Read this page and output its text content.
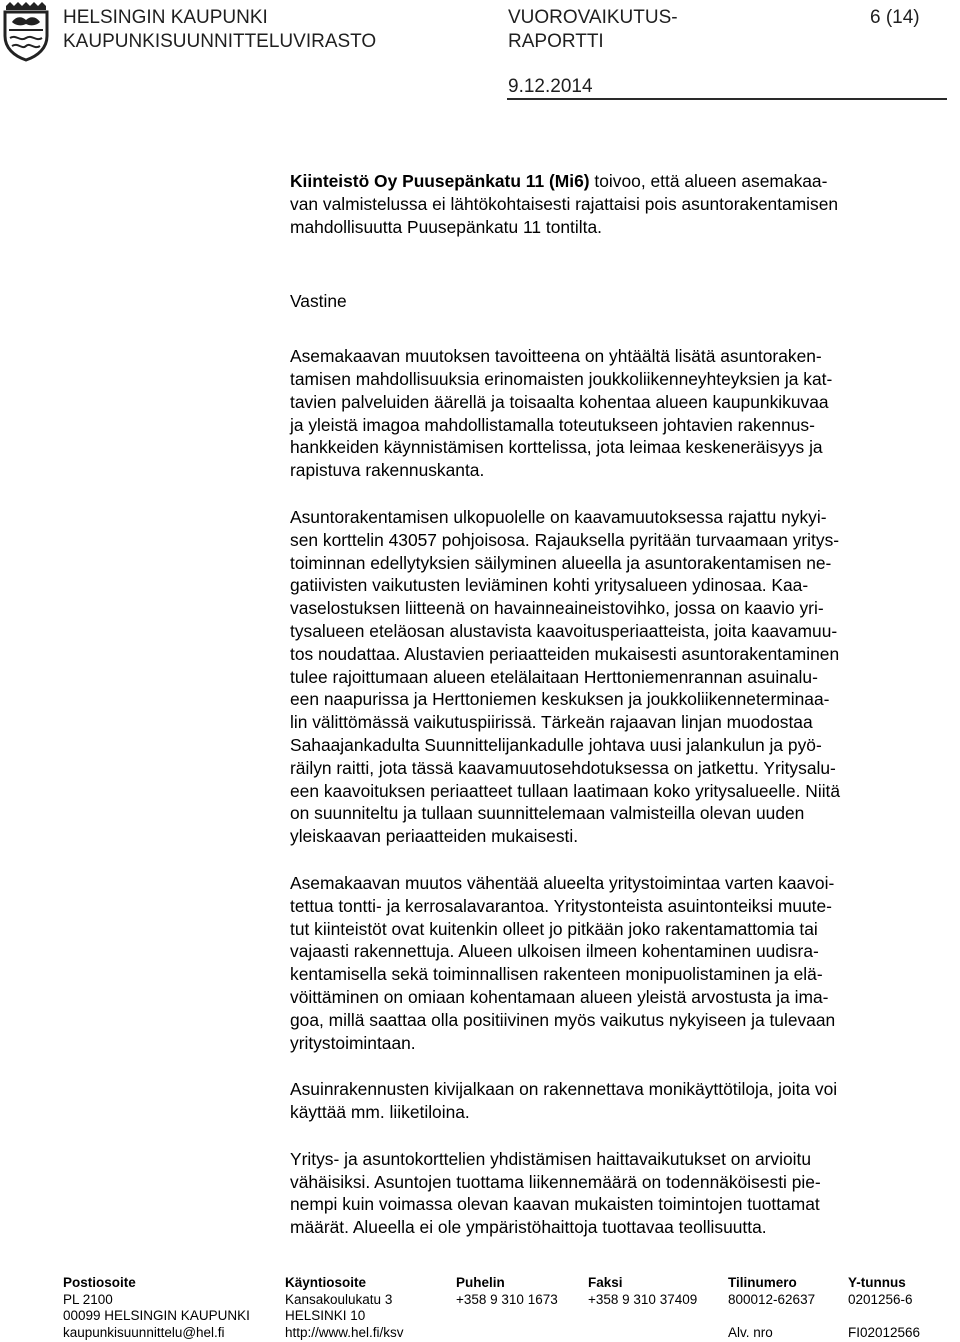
HELSINGIN KAUPUNKI
KAUPUNKISUUNNITTELUVIRASTO
VUOROVAIKUTUS-
RAPORTTI
6 (14)
9.12.2014

Kiinteistö Oy Puusepänkatu 11 (Mi6) toivoo, että alueen asemakaa-

van valmistelussa ei lähtökohtaisesti rajattaisi pois asuntorakentamisen

mahdollisuutta Puusepänkatu 11 tontilta.

Vastine

Asemakaavan muutoksen tavoitteena on yhtäältä lisätä asuntoraken-

tamisen mahdollisuuksia erinomaisten joukkoliikenneyhteyksien ja kat-

tavien palveluiden äärellä ja toisaalta kohentaa alueen kaupunkikuvaa

ja yleistä imagoa mahdollistamalla toteutukseen johtavien rakennus-

hankkeiden käynnistämisen korttelissa, jota leimaa keskeneräisyys ja

rapistuva rakennuskanta.

Asuntorakentamisen ulkopuolelle on kaavamuutoksessa rajattu nykyi-

sen korttelin 43057 pohjoisosa. Rajauksella pyritään turvaamaan yritys-

toiminnan edellytyksien säilyminen alueella ja asuntorakentamisen ne-

gatiivisten vaikutusten leviäminen kohti yritysalueen ydinosaa. Kaa-

vaselostuksen liitteenä on havainneaineistovihko, jossa on kaavio yri-

tysalueen eteläosan alustavista kaavoitusperiaatteista, joita kaavamuu-

tos noudattaa. Alustavien periaatteiden mukaisesti asuntorakentaminen

tulee rajoittumaan alueen etelälaitaan Herttoniemenrannan asuinalu-

een naapurissa ja Herttoniemen keskuksen ja joukkoliikenneterminaa-

lin välittömässä vaikutuspiirissä. Tärkeän rajaavan linjan muodostaa

Sahaajankadulta Suunnittelijankadulle johtava uusi jalankulun ja pyö-

räilyn raitti, jota tässä kaavamuutosehdotuksessa on jatkettu. Yritysalu-

een kaavoituksen periaatteet tullaan laatimaan koko yritysalueelle. Niitä

on suunniteltu ja tullaan suunnittelemaan valmisteilla olevan uuden

yleiskaavan periaatteiden mukaisesti.

Asemakaavan muutos vähentää alueelta yritystoimintaa varten kaavoi-

tettua tontti- ja kerrosalavarantoa. Yritystonteista asuintonteiksi muute-

tut kiinteistöt ovat kuitenkin olleet jo pitkään joko rakentamattomia tai

vajaasti rakennettuja. Alueen ulkoisen ilmeen kohentaminen uudisra-

kentamisella sekä toiminnallisen rakenteen monipuolistaminen ja elä-

vöittäminen on omiaan kohentamaan alueen yleistä arvostusta ja ima-

goa, millä saattaa olla positiivinen myös vaikutus nykyiseen ja tulevaan

yritystoimintaan.

Asuinrakennusten kivijalkaan on rakennettava monikäyttötiloja, joita voi

käyttää mm. liiketiloina.

Yritys- ja asuntokorttelien yhdistämisen haittavaikutukset on arvioitu

vähäisiksi. Asuntojen tuottama liikennemäärä on todennäköisesti pie-

nempi kuin voimassa olevan kaavan mukaisten toimintojen tuottamat

määrät. Alueella ei ole ympäristöhaittoja tuottavaa teollisuutta.

Postiosoite
PL 2100
00099 HELSINGIN KAUPUNKI
kaupunkisuunnittelu@hel.fi
Käyntiosoite
Kansakoulukatu 3
HELSINKI 10
http://www.hel.fi/ksv
Puhelin
+358 9 310 1673
Faksi
+358 9 310 37409
Tilinumero
800012-62637

Alv. nro
Y-tunnus
0201256-6

FI02012566
